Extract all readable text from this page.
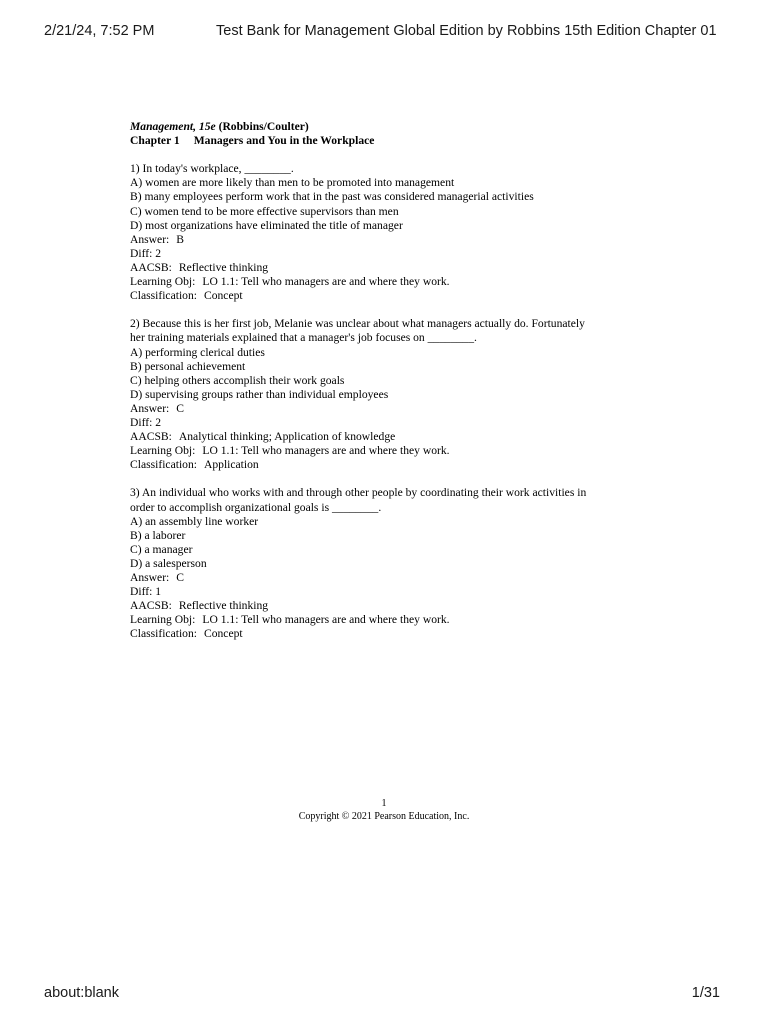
2/21/24, 7:52 PM	Test Bank for Management Global Edition by Robbins 15th Edition Chapter 01
Management, 15e (Robbins/Coulter)
Chapter 1 Managers and You in the Workplace
1) In today's workplace, ________.
A) women are more likely than men to be promoted into management
B) many employees perform work that in the past was considered managerial activities
C) women tend to be more effective supervisors than men
D) most organizations have eliminated the title of manager
Answer: B
Diff: 2
AACSB: Reflective thinking
Learning Obj: LO 1.1: Tell who managers are and where they work.
Classification: Concept
2) Because this is her first job, Melanie was unclear about what managers actually do. Fortunately
her training materials explained that a manager's job focuses on ________.
A) performing clerical duties
B) personal achievement
C) helping others accomplish their work goals
D) supervising groups rather than individual employees
Answer: C
Diff: 2
AACSB: Analytical thinking; Application of knowledge
Learning Obj: LO 1.1: Tell who managers are and where they work.
Classification: Application
3) An individual who works with and through other people by coordinating their work activities in
order to accomplish organizational goals is ________.
A) an assembly line worker
B) a laborer
C) a manager
D) a salesperson
Answer: C
Diff: 1
AACSB: Reflective thinking
Learning Obj: LO 1.1: Tell who managers are and where they work.
Classification: Concept
1
Copyright © 2021 Pearson Education, Inc.
about:blank	1/31
